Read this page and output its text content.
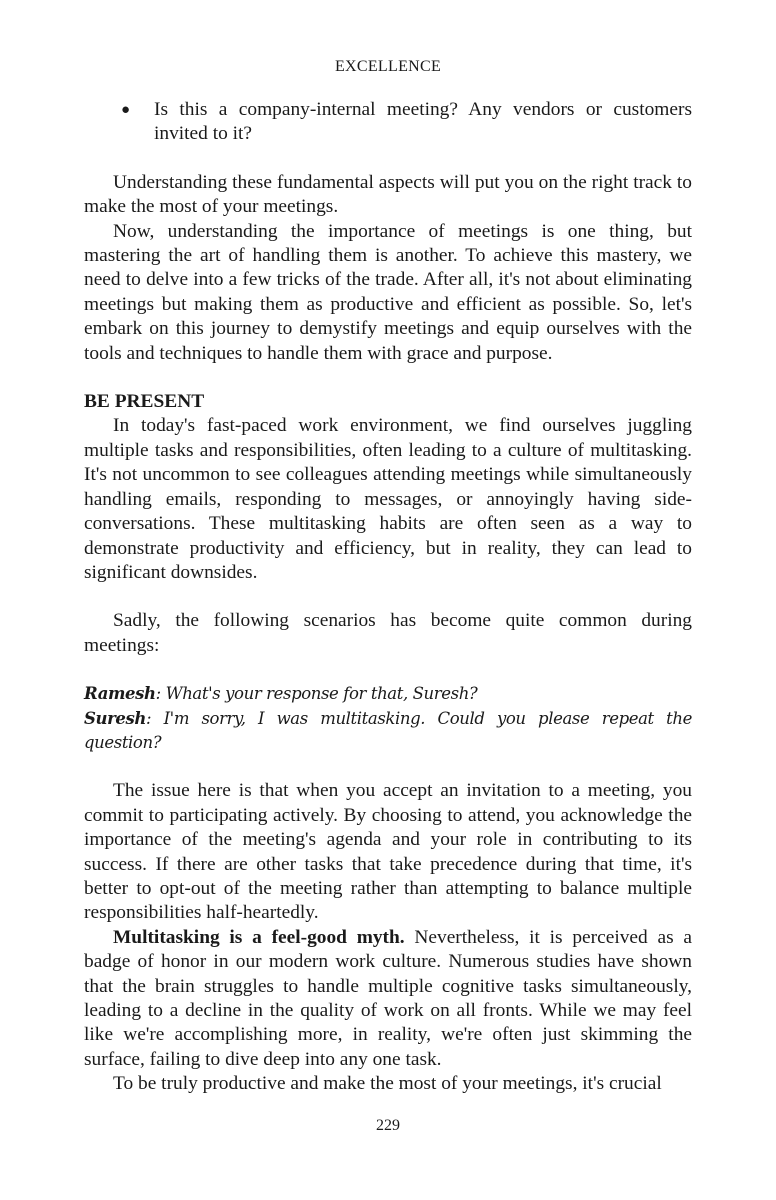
EXCELLENCE
● Is this a company-internal meeting? Any vendors or customers invited to it?

Understanding these fundamental aspects will put you on the right track to make the most of your meetings.

Now, understanding the importance of meetings is one thing, but mastering the art of handling them is another. To achieve this mastery, we need to delve into a few tricks of the trade. After all, it's not about eliminating meetings but making them as productive and efficient as possible. So, let's embark on this journey to demystify meetings and equip ourselves with the tools and techniques to handle them with grace and purpose.

BE PRESENT

In today's fast-paced work environment, we find ourselves juggling multiple tasks and responsibilities, often leading to a culture of multitasking. It's not uncommon to see colleagues attending meetings while simultaneously handling emails, responding to messages, or annoyingly having side-conversations. These multitasking habits are often seen as a way to demonstrate productivity and efficiency, but in reality, they can lead to significant downsides.

Sadly, the following scenarios has become quite common during meetings:

Ramesh: What's your response for that, Suresh?

Suresh: I'm sorry, I was multitasking. Could you please repeat the question?

The issue here is that when you accept an invitation to a meeting, you commit to participating actively. By choosing to attend, you acknowledge the importance of the meeting's agenda and your role in contributing to its success. If there are other tasks that take precedence during that time, it's better to opt-out of the meeting rather than attempting to balance multiple responsibilities half-heartedly.

Multitasking is a feel-good myth. Nevertheless, it is perceived as a badge of honor in our modern work culture. Numerous studies have shown that the brain struggles to handle multiple cognitive tasks simultaneously, leading to a decline in the quality of work on all fronts. While we may feel like we're accomplishing more, in reality, we're often just skimming the surface, failing to dive deep into any one task.

To be truly productive and make the most of your meetings, it's crucial

229
